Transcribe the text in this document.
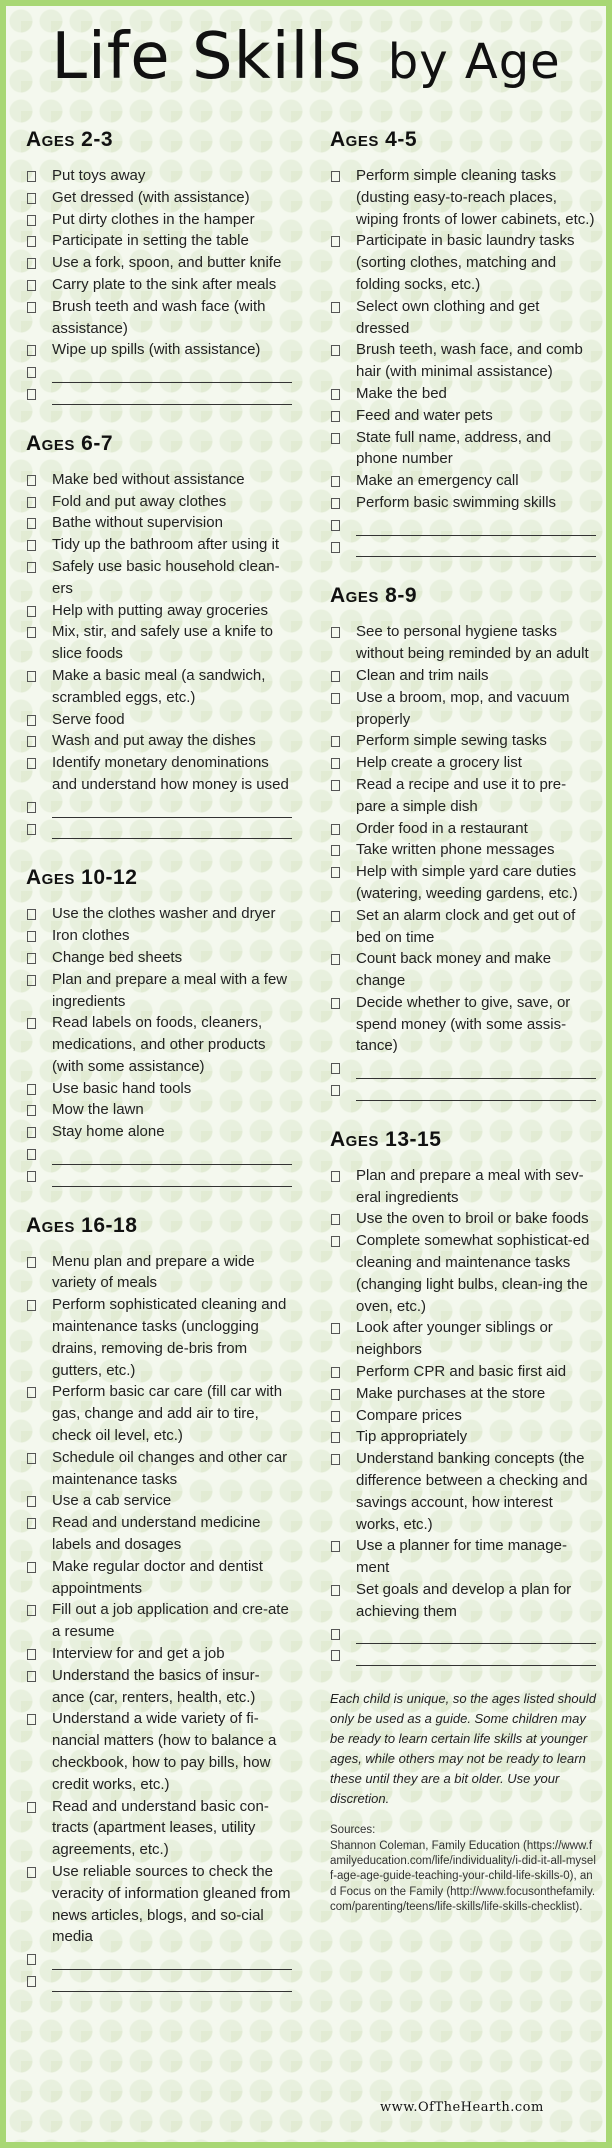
Life Skills by Age
Ages 2-3
Put toys away
Get dressed (with assistance)
Put dirty clothes in the hamper
Participate in setting the table
Use a fork, spoon, and butter knife
Carry plate to the sink after meals
Brush teeth and wash face (with assistance)
Wipe up spills (with assistance)
Ages 6-7
Make bed without assistance
Fold and put away clothes
Bathe without supervision
Tidy up the bathroom after using it
Safely use basic household clean-ers
Help with putting away groceries
Mix, stir, and safely use a knife to slice foods
Make a basic meal (a sandwich, scrambled eggs, etc.)
Serve food
Wash and put away the dishes
Identify monetary denominations and understand how money is used
Ages 10-12
Use the clothes washer and dryer
Iron clothes
Change bed sheets
Plan and prepare a meal with a few ingredients
Read labels on foods, cleaners, medications, and other products (with some assistance)
Use basic hand tools
Mow the lawn
Stay home alone
Ages 16-18
Menu plan and prepare a wide variety of meals
Perform sophisticated cleaning and maintenance tasks (unclogging drains, removing de-bris from gutters, etc.)
Perform basic car care (fill car with gas, change and add air to tire, check oil level, etc.)
Schedule oil changes and other car maintenance tasks
Use a cab service
Read and understand medicine labels and dosages
Make regular doctor and dentist appointments
Fill out a job application and cre-ate a resume
Interview for and get a job
Understand the basics of insur-ance (car, renters, health, etc.)
Understand a wide variety of fi-nancial matters (how to balance a checkbook, how to pay bills, how credit works, etc.)
Read and understand basic con-tracts (apartment leases, utility agreements, etc.)
Use reliable sources to check the veracity of information gleaned from news articles, blogs, and so-cial media
Ages 4-5
Perform simple cleaning tasks (dusting easy-to-reach places, wiping fronts of lower cabinets, etc.)
Participate in basic laundry tasks (sorting clothes, matching and folding socks, etc.)
Select own clothing and get dressed
Brush teeth, wash face, and comb hair (with minimal assistance)
Make the bed
Feed and water pets
State full name, address, and phone number
Make an emergency call
Perform basic swimming skills
Ages 8-9
See to personal hygiene tasks without being reminded by an adult
Clean and trim nails
Use a broom, mop, and vacuum properly
Perform simple sewing tasks
Help create a grocery list
Read a recipe and use it to pre-pare a simple dish
Order food in a restaurant
Take written phone messages
Help with simple yard care duties (watering, weeding gardens, etc.)
Set an alarm clock and get out of bed on time
Count back money and make change
Decide whether to give, save, or spend money (with some assis-tance)
Ages 13-15
Plan and prepare a meal with sev-eral ingredients
Use the oven to broil or bake foods
Complete somewhat sophisticat-ed cleaning and maintenance tasks (changing light bulbs, clean-ing the oven, etc.)
Look after younger siblings or neighbors
Perform CPR and basic first aid
Make purchases at the store
Compare prices
Tip appropriately
Understand banking concepts (the difference between a checking and savings account, how interest works, etc.)
Use a planner for time manage-ment
Set goals and develop a plan for achieving them
Each child is unique, so the ages listed should only be used as a guide. Some children may be ready to learn certain life skills at younger ages, while others may not be ready to learn these until they are a bit older. Use your discretion.
Sources:
Shannon Coleman, Family Education (https://www.familyeducation.com/life/individuality/i-did-it-all-myself-age-age-guide-teaching-your-child-life-skills-0), and Focus on the Family (http://www.focusonthefamily.com/parenting/teens/life-skills/life-skills-checklist).
www.OfTheHearth.com
